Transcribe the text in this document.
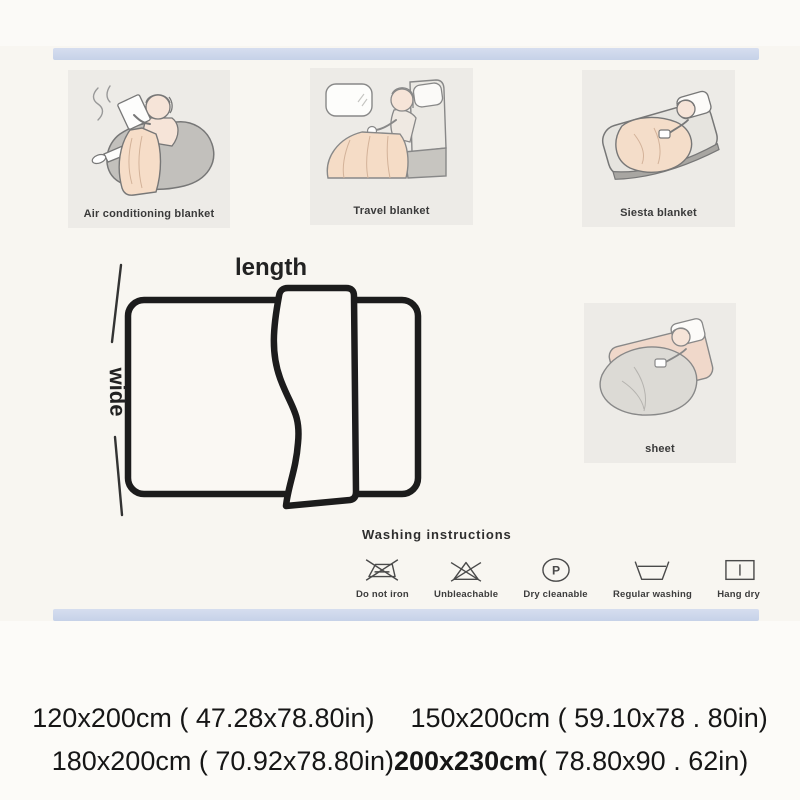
Air conditioning blanket	Travel blanket	Siesta blanket
length
wide
sheet
Washing instructions
Do not iron	Unbleachable
P
Dry cleanable	Regular washing	Hang dry
120x200cm ( 47.28x78.80in) 150x200cm ( 59.10x78 . 80in)
180x200cm ( 70.92x78.80in) 200x230cm ( 78.80x90 . 62in)
